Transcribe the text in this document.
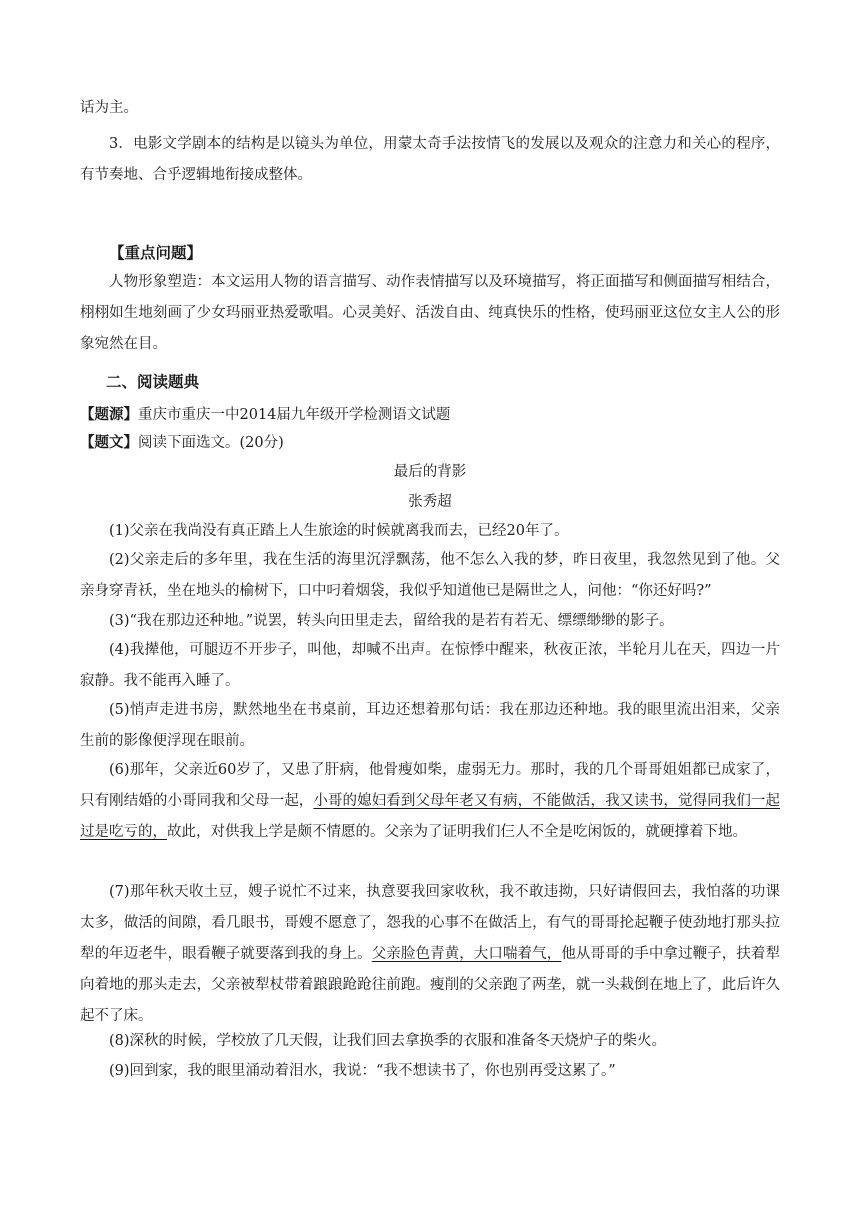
话为主。
3．电影文学剧本的结构是以镜头为单位，用蒙太奇手法按情飞的发展以及观众的注意力和关心的程序，有节奏地、合乎逻辑地衔接成整体。
【重点问题】
人物形象塑造：本文运用人物的语言描写、动作表情描写以及环境描写，将正面描写和侧面描写相结合，栩栩如生地刻画了少女玛丽亚热爱歌唱。心灵美好、活泼自由、纯真快乐的性格，使玛丽亚这位女主人公的形象宛然在目。
二、阅读题典
【题源】重庆市重庆一中2014届九年级开学检测语文试题
【题文】阅读下面选文。(20分)
最后的背影
张秀超
(1)父亲在我尚没有真正踏上人生旅途的时候就离我而去，已经20年了。
(2)父亲走后的多年里，我在生活的海里沉浮飘荡，他不怎么入我的梦，昨日夜里，我忽然见到了他。父亲身穿青袄，坐在地头的榆树下，口中叼着烟袋，我似乎知道他已是隔世之人，问他：“你还好吗?”
(3)“我在那边还种地。”说罢，转头向田里走去，留给我的是若有若无、缥缥缈缈的影子。
(4)我撵他，可腿迈不开步子，叫他，却喊不出声。在惊悸中醒来，秋夜正浓，半轮月儿在天，四边一片寂静。我不能再入睡了。
(5)悄声走进书房，默然地坐在书桌前，耳边还想着那句话：我在那边还种地。我的眼里流出泪来，父亲生前的影像便浮现在眼前。
(6)那年，父亲近60岁了，又患了肝病，他骨瘦如柴，虚弱无力。那时，我的几个哥哥姐姐都已成家了，只有刚结婚的小哥同我和父母一起，小哥的媳妇看到父母年老又有病，不能做活，我又读书，觉得同我们一起过是吃亏的，故此，对供我上学是颇不情愿的。父亲为了证明我们仨人不全是吃闲饭的，就硬撑着下地。
(7)那年秋天收土豆，嫂子说忙不过来，执意要我回家收秋，我不敢违拗，只好请假回去，我怕落的功课太多，做活的间隙，看几眼书，哥嫂不愿意了，怨我的心事不在做活上，有气的哥哥抡起鞭子使劲地打那头拉犁的年迈老牛，眼看鞭子就要落到我的身上。父亲脸色青黄，大口喘着气，他从哥哥的手中拿过鞭子，扶着犁向着地的那头走去，父亲被犁杖带着踉踉跄跄往前跑。瘦削的父亲跑了两垄，就一头栽倒在地上了，此后许久起不了床。
(8)深秋的时候，学校放了几天假，让我们回去拿换季的衣服和准备冬天烧炉子的柴火。
(9)回到家，我的眼里涌动着泪水，我说：“我不想读书了，你也别再受这累了。”
